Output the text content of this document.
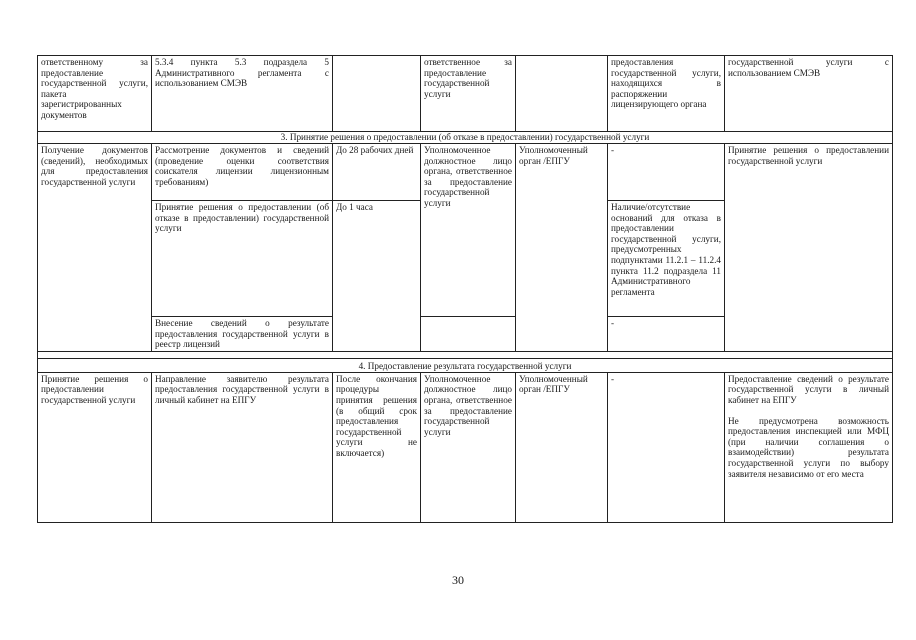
ответственному за предоставление государственной услуги, пакета зарегистрированных документов	5.3.4 пункта 5.3 подраздела 5 Административного регламента с использованием СМЭВ		ответственное за предоставление государственной услуги		предоставления государственной услуги, находящихся в распоряжении лицензирующего органа	государственной услуги с использованием СМЭВ
3. Принятие решения о предоставлении (об отказе в предоставлении) государственной услуги						
Получение документов (сведений), необходимых для предоставления государственной услуги	Рассмотрение документов и сведений (проведение оценки соответствия соискателя лицензии лицензионным требованиям)	До 28 рабочих дней	Уполномоченное должностное лицо органа, ответственное за предоставление государственной услуги	Уполномоченный орган /ЕПГУ	-	Принятие решения о предоставлении государственной услуги
	Принятие решения о предоставлении (об отказе в предоставлении) государственной услуги	До 1 часа			Наличие/отсутствие оснований для отказа в предоставлении государственной услуги, предусмотренных подпунктами 11.2.1 – 11.2.4 пункта 11.2 подраздела 11 Административного регламента	
	Внесение сведений о результате предоставления государственной услуги в реестр лицензий				-	

4. Предоставление результата государственной услуги						
Принятие решения о предоставлении государственной услуги	Направление заявителю результата предоставления государственной услуги в личный кабинет на ЕПГУ	После окончания процедуры принятия решения (в общий срок предоставления государственной услуги не включается)	Уполномоченное должностное лицо органа, ответственное за предоставление государственной услуги	Уполномоченный орган /ЕПГУ	-	Предоставление сведений о результате государственной услуги в личный кабинет на ЕПГУ
Не предусмотрена возможность предоставления инспекцией или МФЦ (при наличии соглашения о взаимодействии) результата государственной услуги по выбору заявителя независимо от его места
30
